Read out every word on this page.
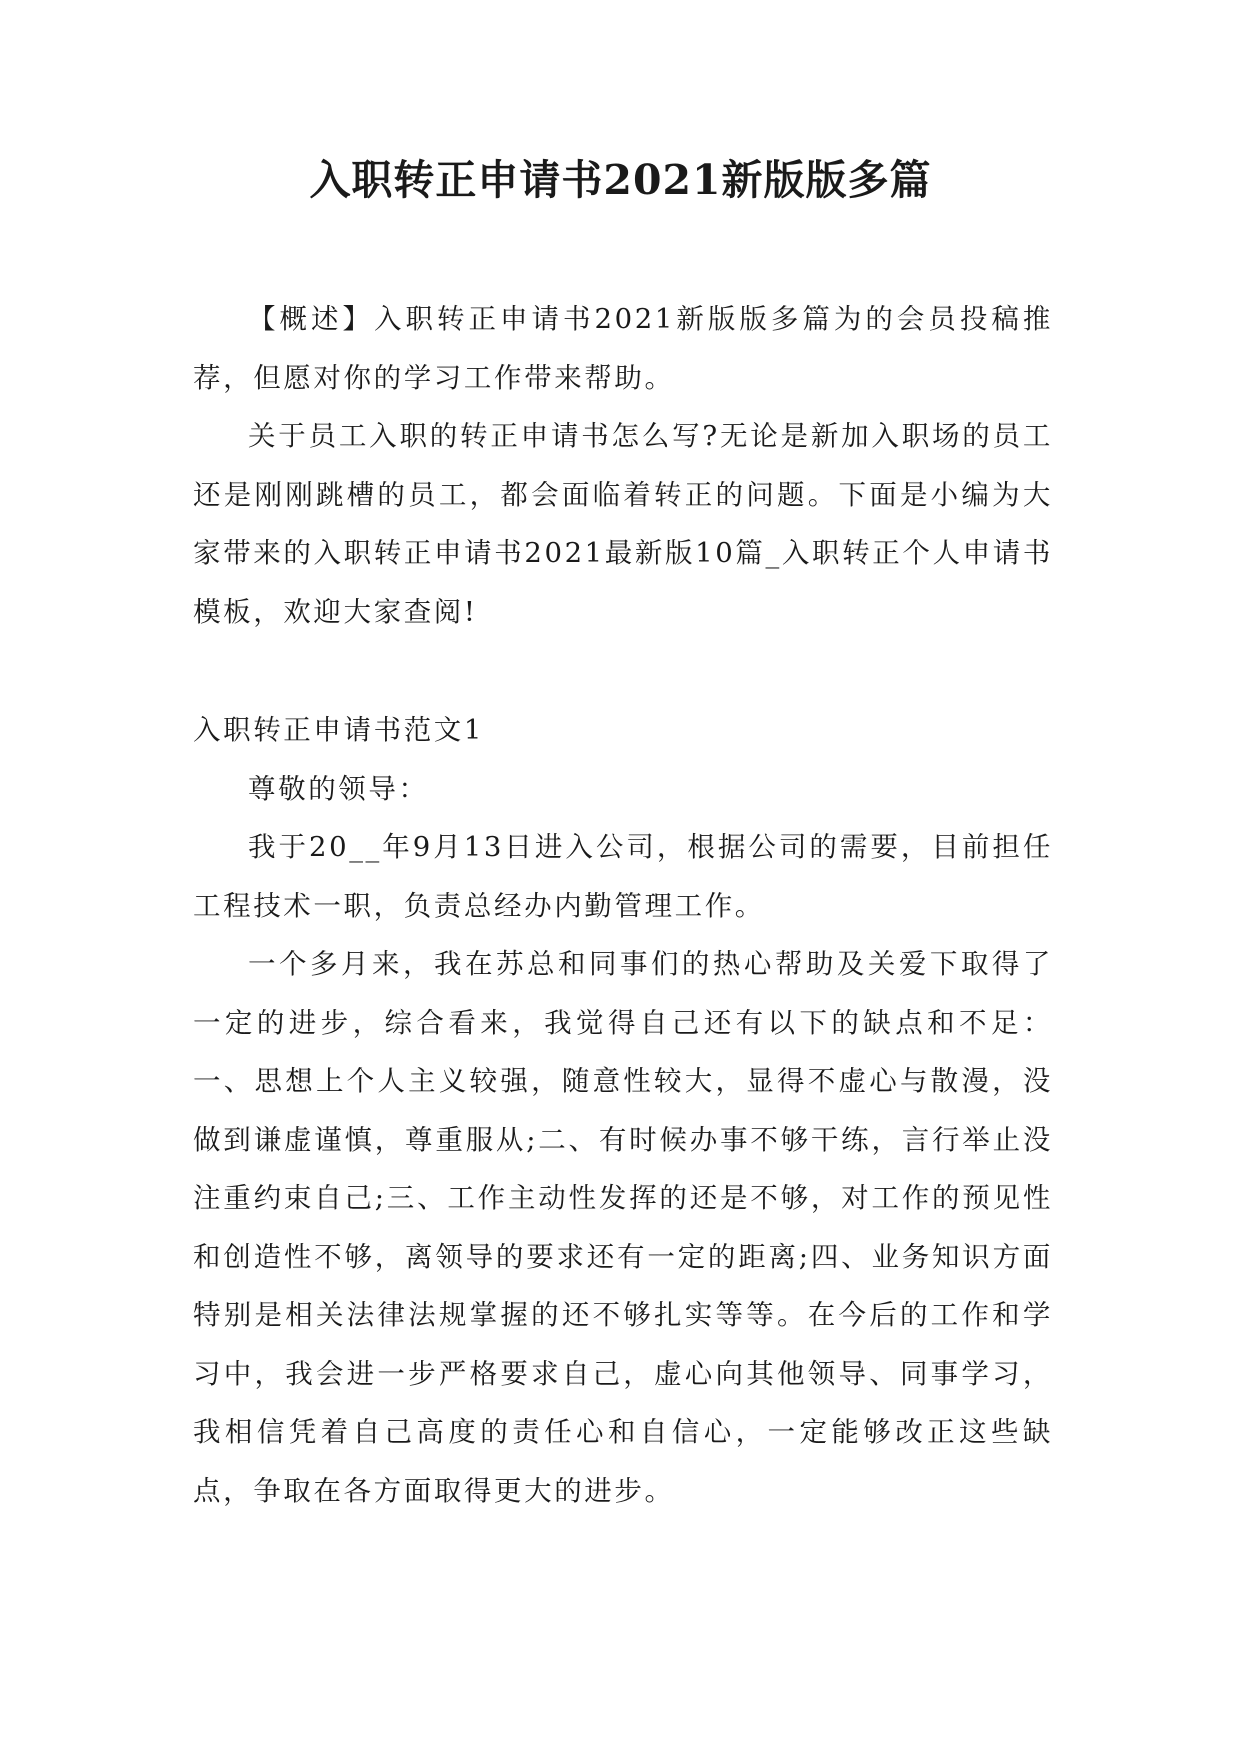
入职转正申请书2021新版版多篇

【概述】入职转正申请书2021新版版多篇为的会员投稿推荐，但愿对你的学习工作带来帮助。

关于员工入职的转正申请书怎么写?无论是新加入职场的员工还是刚刚跳槽的员工，都会面临着转正的问题。下面是小编为大家带来的入职转正申请书2021最新版10篇_入职转正个人申请书模板，欢迎大家查阅!

入职转正申请书范文1

尊敬的领导：

我于20__年9月13日进入公司，根据公司的需要，目前担任工程技术一职，负责总经办内勤管理工作。

一个多月来，我在苏总和同事们的热心帮助及关爱下取得了一定的进步，综合看来，我觉得自己还有以下的缺点和不足：一、思想上个人主义较强，随意性较大，显得不虚心与散漫，没做到谦虚谨慎，尊重服从;二、有时候办事不够干练，言行举止没注重约束自己;三、工作主动性发挥的还是不够，对工作的预见性和创造性不够，离领导的要求还有一定的距离;四、业务知识方面特别是相关法律法规掌握的还不够扎实等等。在今后的工作和学习中，我会进一步严格要求自己，虚心向其他领导、同事学习，我相信凭着自己高度的责任心和自信心，一定能够改正这些缺点，争取在各方面取得更大的进步。
